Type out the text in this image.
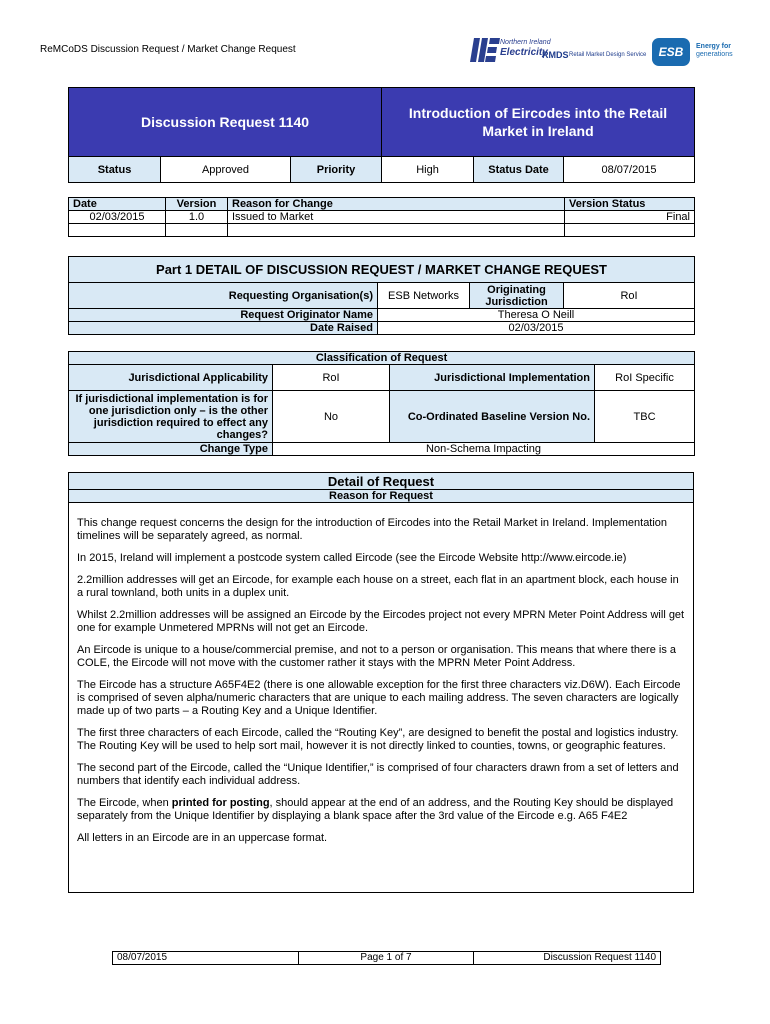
ReMCoDS Discussion Request / Market Change Request
Northern Ireland
Electricity
RMDS Retail Market Design Service	ESB	Energy for
generations
Discussion Request 1140			Introduction of Eircodes into the Retail Market in Ireland		
Status	Approved	Priority	High	Status Date	08/07/2015
Date	Version	Reason for Change	Version Status
02/03/2015	1.0	Issued to Market	Final

Part 1 DETAIL OF DISCUSSION REQUEST / MARKET CHANGE REQUEST			
Requesting Organisation(s)	ESB Networks	Originating Jurisdiction	RoI
Request Originator Name	Theresa O Neill		
Date Raised	02/03/2015		
Classification of Request			
Jurisdictional Applicability	RoI	Jurisdictional Implementation	RoI Specific
If jurisdictional implementation is for one jurisdiction only – is the other jurisdiction required to effect any changes?	No	Co-Ordinated Baseline Version No.	TBC
Change Type	Non-Schema Impacting		
Detail of Request
Reason for Request

This change request concerns the design for the introduction of Eircodes into the Retail Market in Ireland. Implementation timelines will be separately agreed, as normal.

In 2015, Ireland will implement a postcode system called Eircode (see the Eircode Website http://www.eircode.ie)

2.2million addresses will get an Eircode, for example each house on a street, each flat in an apartment block, each house in a rural townland, both units in a duplex unit.

Whilst 2.2million addresses will be assigned an Eircode by the Eircodes project not every MPRN Meter Point Address will get one for example Unmetered MPRNs will not get an Eircode.

An Eircode is unique to a house/commercial premise, and not to a person or organisation. This means that where there is a COLE, the Eircode will not move with the customer rather it stays with the MPRN Meter Point Address.

The Eircode has a structure A65F4E2 (there is one allowable exception for the first three characters viz.D6W). Each Eircode is comprised of seven alpha/numeric characters that are unique to each mailing address. The seven characters are logically made up of two parts – a Routing Key and a Unique Identifier.

The first three characters of each Eircode, called the “Routing Key”, are designed to benefit the postal and logistics industry. The Routing Key will be used to help sort mail, however it is not directly linked to counties, towns, or geographic features.

The second part of the Eircode, called the “Unique Identifier,” is comprised of four characters drawn from a set of letters and numbers that identify each individual address.

The Eircode, when printed for posting, should appear at the end of an address, and the Routing Key should be displayed separately from the Unique Identifier by displaying a blank space after the 3rd value of the Eircode e.g. A65 F4E2

All letters in an Eircode are in an uppercase format.

08/07/2015	Page 1 of 7	Discussion Request 1140
